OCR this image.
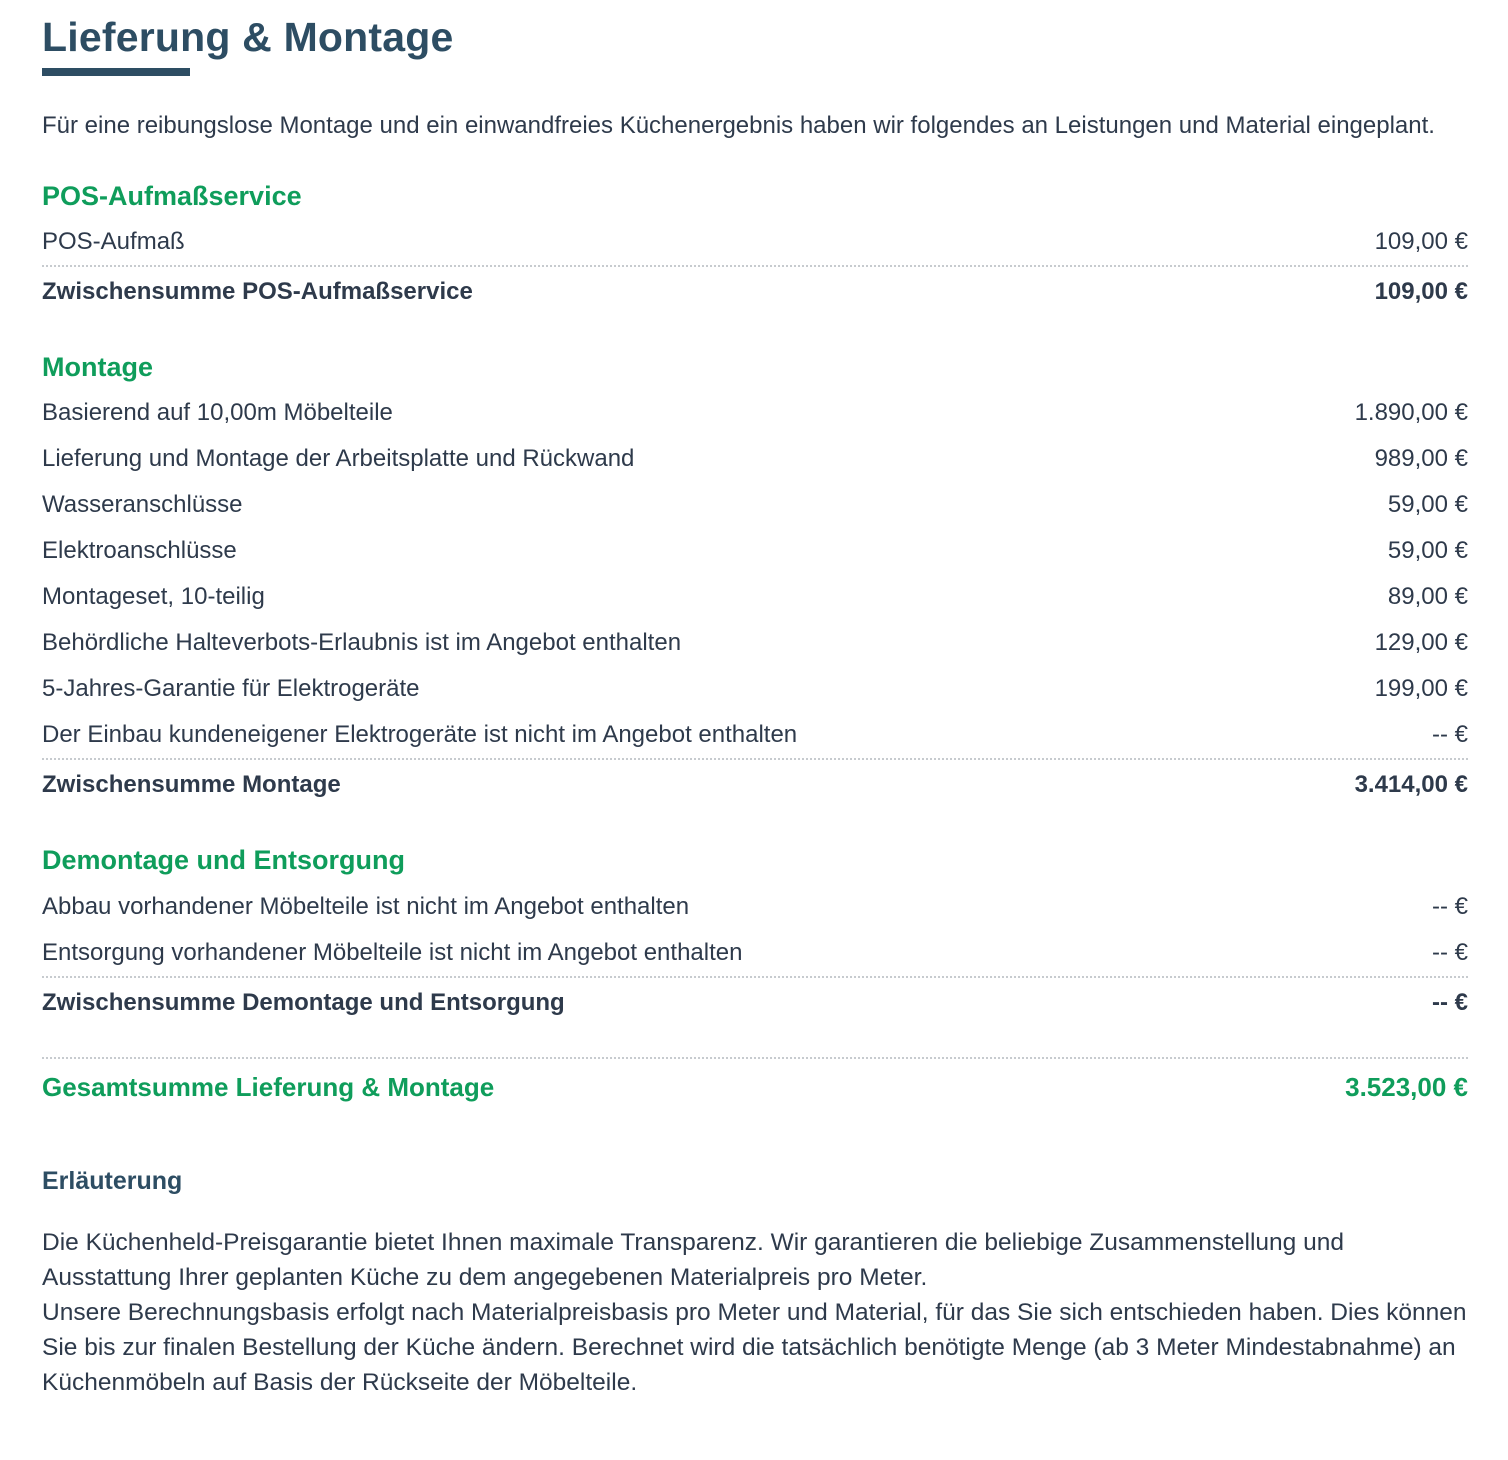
Lieferung & Montage

Für eine reibungslose Montage und ein einwandfreies Küchenergebnis haben wir folgendes an Leistungen und Material eingeplant.

POS-Aufmaßservice
POS-Aufmaß	109,00 €
Zwischensumme POS-Aufmaßservice	109,00 €
Montage
Basierend auf 10,00m Möbelteile	1.890,00 €
Lieferung und Montage der Arbeitsplatte und Rückwand	989,00 €
Wasseranschlüsse	59,00 €
Elektroanschlüsse	59,00 €
Montageset, 10-teilig	89,00 €
Behördliche Halteverbots-Erlaubnis ist im Angebot enthalten	129,00 €
5-Jahres-Garantie für Elektrogeräte	199,00 €
Der Einbau kundeneigener Elektrogeräte ist nicht im Angebot enthalten	-- €
Zwischensumme Montage	3.414,00 €
Demontage und Entsorgung
Abbau vorhandener Möbelteile ist nicht im Angebot enthalten	-- €
Entsorgung vorhandener Möbelteile ist nicht im Angebot enthalten	-- €
Zwischensumme Demontage und Entsorgung	-- €
Gesamtsumme Lieferung & Montage	3.523,00 €
Erläuterung

Die Küchenheld-Preisgarantie bietet Ihnen maximale Transparenz. Wir garantieren die beliebige Zusammenstellung und Ausstattung Ihrer geplanten Küche zu dem angegebenen Materialpreis pro Meter.
Unsere Berechnungsbasis erfolgt nach Materialpreisbasis pro Meter und Material, für das Sie sich entschieden haben. Dies können Sie bis zur finalen Bestellung der Küche ändern. Berechnet wird die tatsächlich benötigte Menge (ab 3 Meter Mindestabnahme) an Küchenmöbeln auf Basis der Rückseite der Möbelteile.
